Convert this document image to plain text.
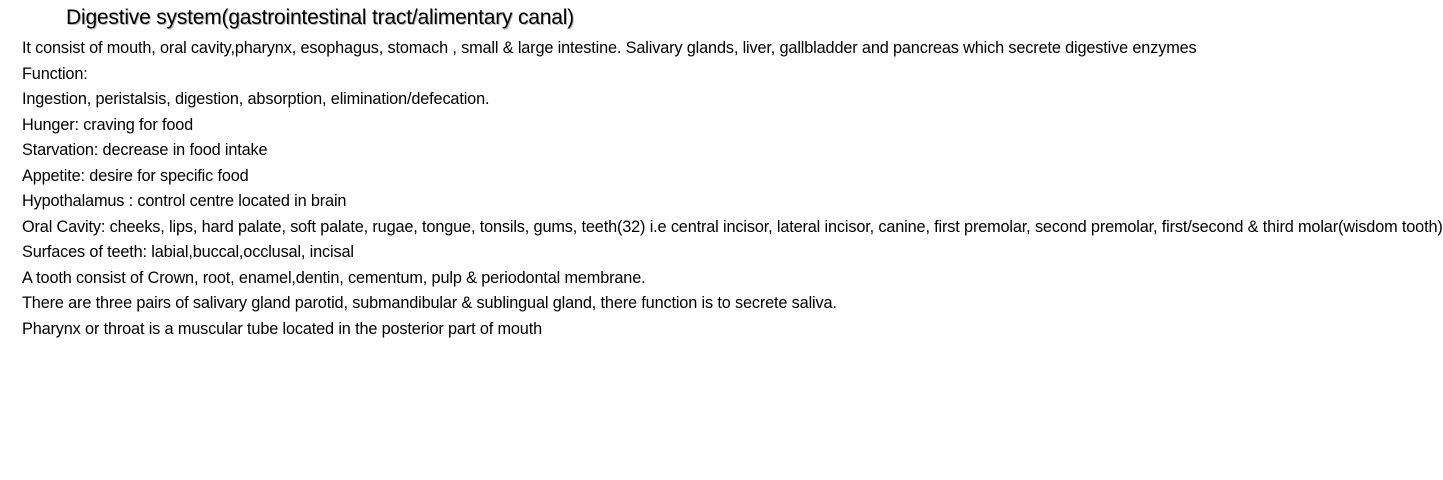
Digestive system(gastrointestinal tract/alimentary canal)
It consist of mouth, oral cavity,pharynx, esophagus, stomach , small & large intestine. Salivary glands, liver, gallbladder and pancreas which secrete digestive enzymes
Function:
Ingestion, peristalsis, digestion, absorption, elimination/defecation.
Hunger: craving for food
Starvation: decrease in food intake
Appetite: desire for specific food
Hypothalamus : control centre located in brain
Oral Cavity: cheeks, lips, hard palate, soft palate, rugae, tongue, tonsils, gums, teeth(32) i.e central incisor, lateral incisor, canine, first premolar, second premolar, first/second & third molar(wisdom tooth)
Surfaces of teeth: labial,buccal,occlusal, incisal
A tooth consist of Crown, root, enamel,dentin, cementum, pulp & periodontal membrane.
There are three pairs of salivary gland parotid, submandibular & sublingual gland, there function is to secrete saliva.
Pharynx or throat is a muscular tube located in the posterior part of mouth
